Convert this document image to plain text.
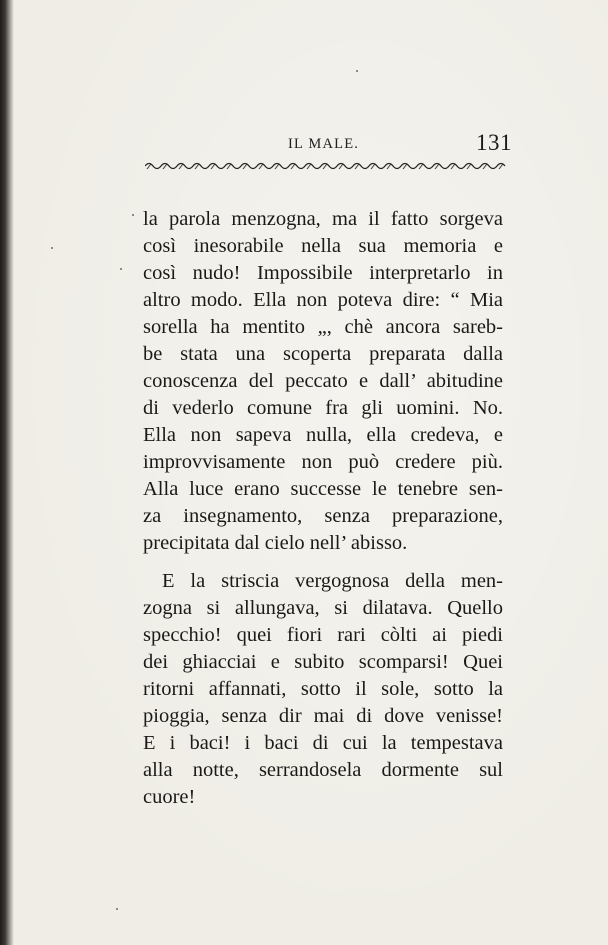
IL MALE.	131
la parola menzogna, ma il fatto sorgeva
così inesorabile nella sua memoria e
così nudo! Impossibile interpretarlo in
altro modo. Ella non poteva dire: “ Mia
sorella ha mentito „, chè ancora sareb-
be stata una scoperta preparata dalla
conoscenza del peccato e dall’ abitudine
di vederlo comune fra gli uomini. No.
Ella non sapeva nulla, ella credeva, e
improvvisamente non può credere più.
Alla luce erano successe le tenebre sen-
za insegnamento, senza preparazione,
precipitata dal cielo nell’ abisso.
E la striscia vergognosa della men-
zogna si allungava, si dilatava. Quello
specchio! quei fiori rari còlti ai piedi
dei ghiacciai e subito scomparsi! Quei
ritorni affannati, sotto il sole, sotto la
pioggia, senza dir mai di dove venisse!
E i baci! i baci di cui la tempestava
alla notte, serrandosela dormente sul
cuore!
